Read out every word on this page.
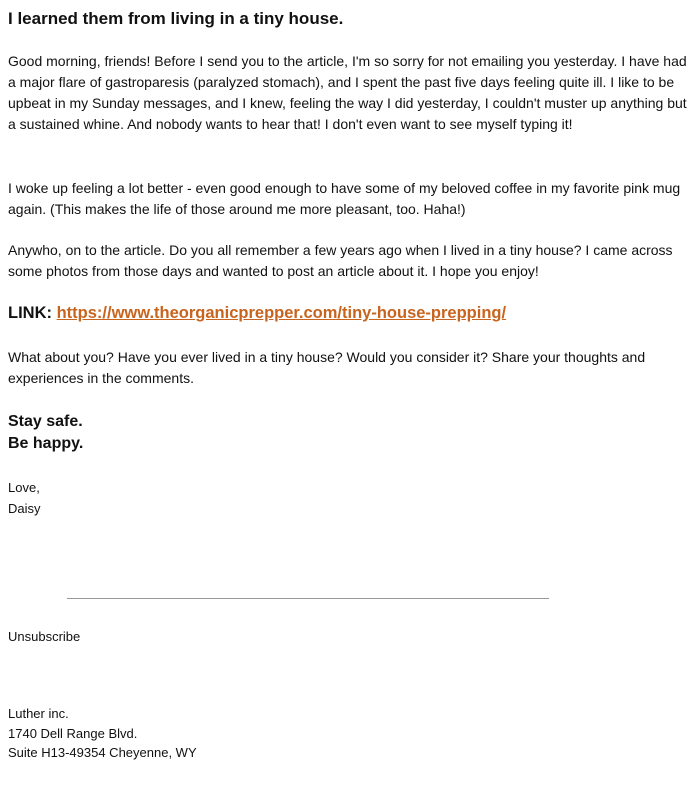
I learned them from living in a tiny house.

Good morning, friends! Before I send you to the article, I'm so sorry for not emailing you yesterday. I have had a major flare of gastroparesis (paralyzed stomach), and I spent the past five days feeling quite ill. I like to be upbeat in my Sunday messages, and I knew, feeling the way I did yesterday, I couldn't muster up anything but a sustained whine. And nobody wants to hear that! I don't even want to see myself typing it!

I woke up feeling a lot better - even good enough to have some of my beloved coffee in my favorite pink mug again. (This makes the life of those around me more pleasant, too. Haha!)

Anywho, on to the article. Do you all remember a few years ago when I lived in a tiny house? I came across some photos from those days and wanted to post an article about it. I hope you enjoy!

LINK: https://www.theorganicprepper.com/tiny-house-prepping/

What about you? Have you ever lived in a tiny house? Would you consider it? Share your thoughts and experiences in the comments.

Stay safe.
Be happy.
Love,
Daisy
Unsubscribe
Luther inc.
1740 Dell Range Blvd.
Suite H13-49354 Cheyenne, WY
